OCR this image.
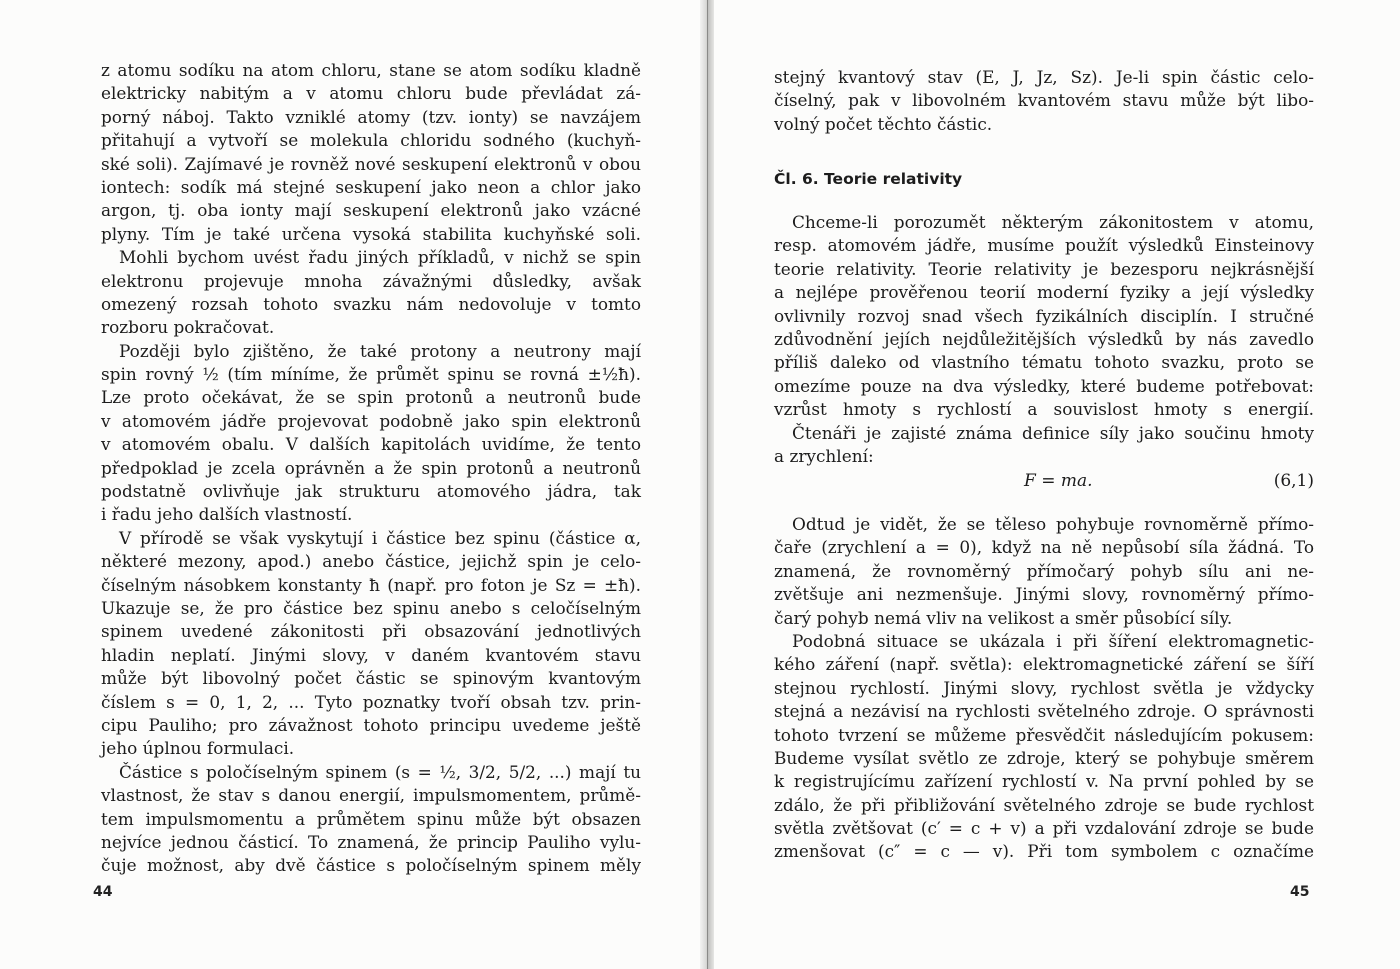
z atomu sodíku na atom chloru, stane se atom sodíku kladně
elektricky nabitým a v atomu chloru bude převládat zá-
porný náboj. Takto vzniklé atomy (tzv. ionty) se navzájem
přitahují a vytvoří se molekula chloridu sodného (kuchyň-
ské soli). Zajímavé je rovněž nové seskupení elektronů v obou
iontech: sodík má stejné seskupení jako neon a chlor jako
argon, tj. oba ionty mají seskupení elektronů jako vzácné
plyny. Tím je také určena vysoká stabilita kuchyňské soli.
Mohli bychom uvést řadu jiných příkladů, v nichž se spin
elektronu projevuje mnoha závažnými důsledky, avšak
omezený rozsah tohoto svazku nám nedovoluje v tomto
rozboru pokračovat.
Později bylo zjištěno, že také protony a neutrony mají
spin rovný ½ (tím míníme, že průmět spinu se rovná ±½ħ).
Lze proto očekávat, že se spin protonů a neutronů bude
v atomovém jádře projevovat podobně jako spin elektronů
v atomovém obalu. V dalších kapitolách uvidíme, že tento
předpoklad je zcela oprávněn a že spin protonů a neutronů
podstatně ovlivňuje jak strukturu atomového jádra, tak
i řadu jeho dalších vlastností.
V přírodě se však vyskytují i částice bez spinu (částice α,
některé mezony, apod.) anebo částice, jejichž spin je celo-
číselným násobkem konstanty ħ (např. pro foton je Sz = ±ħ).
Ukazuje se, že pro částice bez spinu anebo s celočíselným
spinem uvedené zákonitosti při obsazování jednotlivých
hladin neplatí. Jinými slovy, v daném kvantovém stavu
může být libovolný počet částic se spinovým kvantovým
číslem s = 0, 1, 2, ... Tyto poznatky tvoří obsah tzv. prin-
cipu Pauliho; pro závažnost tohoto principu uvedeme ještě
jeho úplnou formulaci.
Částice s poločíselným spinem (s = ½, 3/2, 5/2, ...) mají tu
vlastnost, že stav s danou energií, impulsmomentem, průmě-
tem impulsmomentu a průmětem spinu může být obsazen
nejvíce jednou částicí. To znamená, že princip Pauliho vylu-
čuje možnost, aby dvě částice s poločíselným spinem měly
44
stejný kvantový stav (E, J, Jz, Sz). Je-li spin částic celo-
číselný, pak v libovolném kvantovém stavu může být libo-
volný počet těchto částic.
Čl. 6. Teorie relativity
Chceme-li porozumět některým zákonitostem v atomu,
resp. atomovém jádře, musíme použít výsledků Einsteinovy
teorie relativity. Teorie relativity je bezesporu nejkrásnější
a nejlépe prověřenou teorií moderní fyziky a její výsledky
ovlivnily rozvoj snad všech fyzikálních disciplín. I stručné
zdůvodnění jejích nejdůležitějších výsledků by nás zavedlo
příliš daleko od vlastního tématu tohoto svazku, proto se
omezíme pouze na dva výsledky, které budeme potřebovat:
vzrůst hmoty s rychlostí a souvislost hmoty s energií.
Čtenáři je zajisté známa definice síly jako součinu hmoty
a zrychlení:
F = ma.	(6,1)
Odtud je vidět, že se těleso pohybuje rovnoměrně přímo-
čaře (zrychlení a = 0), když na ně nepůsobí síla žádná. To
znamená, že rovnoměrný přímočarý pohyb sílu ani ne-
zvětšuje ani nezmenšuje. Jinými slovy, rovnoměrný přímo-
čarý pohyb nemá vliv na velikost a směr působící síly.
Podobná situace se ukázala i při šíření elektromagnetic-
kého záření (např. světla): elektromagnetické záření se šíří
stejnou rychlostí. Jinými slovy, rychlost světla je vždycky
stejná a nezávisí na rychlosti světelného zdroje. O správnosti
tohoto tvrzení se můžeme přesvědčit následujícím pokusem:
Budeme vysílat světlo ze zdroje, který se pohybuje směrem
k registrujícímu zařízení rychlostí v. Na první pohled by se
zdálo, že při přibližování světelného zdroje se bude rychlost
světla zvětšovat (c′ = c + v) a při vzdalování zdroje se bude
zmenšovat (c″ = c — v). Při tom symbolem c označíme
45
